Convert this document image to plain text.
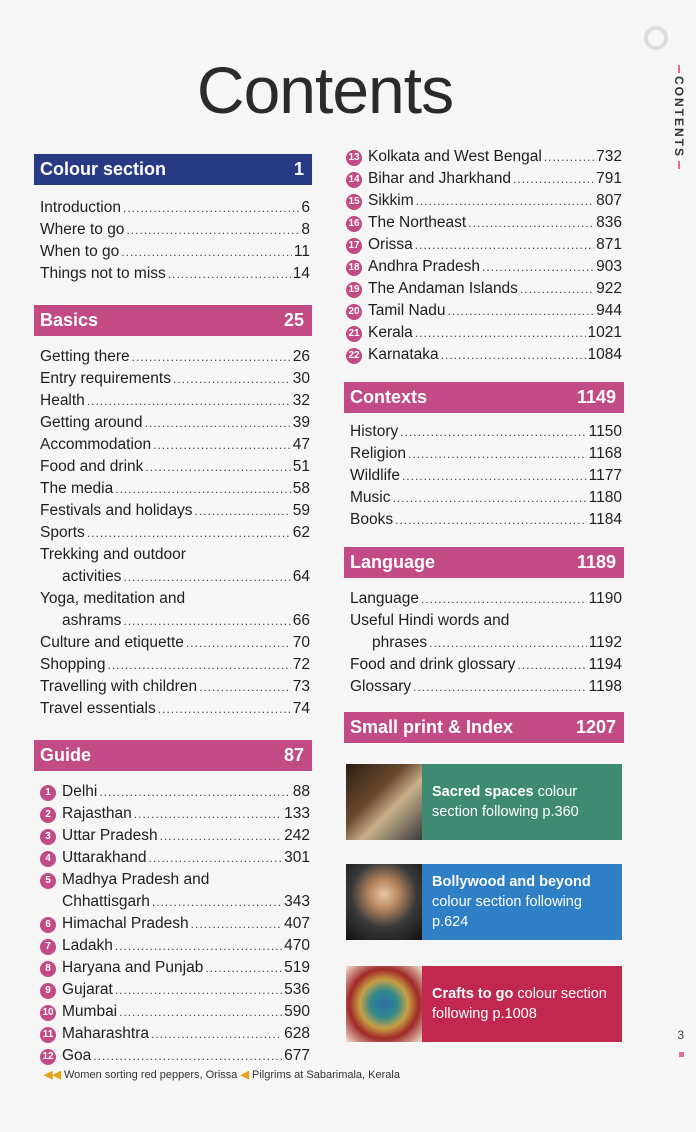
CONTENTS
Contents
Colour section	1
Introduction .....	6
Where to go .....	8
When to go .....	11
Things not to miss .....	14
Basics	25
Getting there .....	26
Entry requirements .....	30
Health .....	32
Getting around .....	39
Accommodation .....	47
Food and drink .....	51
The media .....	58
Festivals and holidays .....	59
Sports .....	62
Trekking and outdoor
activities .....	64
Yoga, meditation and
ashrams .....	66
Culture and etiquette .....	70
Shopping .....	72
Travelling with children .....	73
Travel essentials .....	74
Guide	87
1 Delhi .....	88
2 Rajasthan .....	133
3 Uttar Pradesh .....	242
4 Uttarakhand .....	301
5 Madhya Pradesh and
Chhattisgarh .....	343
6 Himachal Pradesh .....	407
7 Ladakh .....	470
8 Haryana and Punjab .....	519
9 Gujarat .....	536
10 Mumbai .....	590
11 Maharashtra .....	628
12 Goa .....	677
13 Kolkata and West Bengal .....	732
14 Bihar and Jharkhand .....	791
15 Sikkim .....	807
16 The Northeast .....	836
17 Orissa .....	871
18 Andhra Pradesh .....	903
19 The Andaman Islands .....	922
20 Tamil Nadu .....	944
21 Kerala .....	1021
22 Karnataka .....	1084
Contexts	1149
History .....	1150
Religion .....	1168
Wildlife .....	1177
Music .....	1180
Books .....	1184
Language	1189
Language .....	1190
Useful Hindi words and
phrases .....	1192
Food and drink glossary .....	1194
Glossary .....	1198
Small print & Index	1207
Sacred spaces colour section following p.360
Bollywood and beyond colour section following p.624
Crafts to go colour section following p.1008
3
◀◀ Women sorting red peppers, Orissa ◀ Pilgrims at Sabarimala, Kerala
